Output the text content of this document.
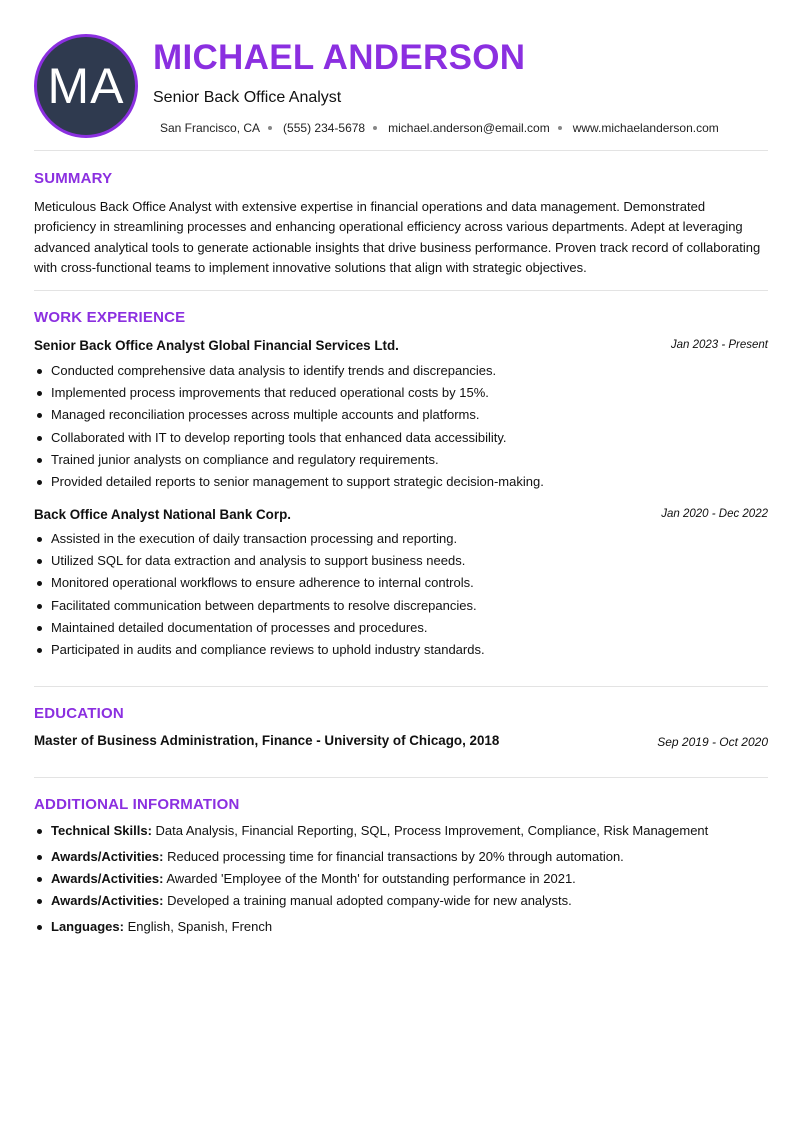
MA
MICHAEL ANDERSON
Senior Back Office Analyst
San Francisco, CA (555) 234-5678 michael.anderson@email.com www.michaelanderson.com
SUMMARY
Meticulous Back Office Analyst with extensive expertise in financial operations and data management. Demonstrated proficiency in streamlining processes and enhancing operational efficiency across various departments. Adept at leveraging advanced analytical tools to generate actionable insights that drive business performance. Proven track record of collaborating with cross-functional teams to implement innovative solutions that align with strategic objectives.
WORK EXPERIENCE
Senior Back Office Analyst Global Financial Services Ltd.	Jan 2023 - Present
Conducted comprehensive data analysis to identify trends and discrepancies.
Implemented process improvements that reduced operational costs by 15%.
Managed reconciliation processes across multiple accounts and platforms.
Collaborated with IT to develop reporting tools that enhanced data accessibility.
Trained junior analysts on compliance and regulatory requirements.
Provided detailed reports to senior management to support strategic decision-making.
Back Office Analyst National Bank Corp.	Jan 2020 - Dec 2022
Assisted in the execution of daily transaction processing and reporting.
Utilized SQL for data extraction and analysis to support business needs.
Monitored operational workflows to ensure adherence to internal controls.
Facilitated communication between departments to resolve discrepancies.
Maintained detailed documentation of processes and procedures.
Participated in audits and compliance reviews to uphold industry standards.
EDUCATION
Master of Business Administration, Finance - University of Chicago, 2018	Sep 2019 - Oct 2020
ADDITIONAL INFORMATION
Technical Skills: Data Analysis, Financial Reporting, SQL, Process Improvement, Compliance, Risk Management
Awards/Activities: Reduced processing time for financial transactions by 20% through automation.
Awards/Activities: Awarded 'Employee of the Month' for outstanding performance in 2021.
Awards/Activities: Developed a training manual adopted company-wide for new analysts.
Languages: English, Spanish, French
